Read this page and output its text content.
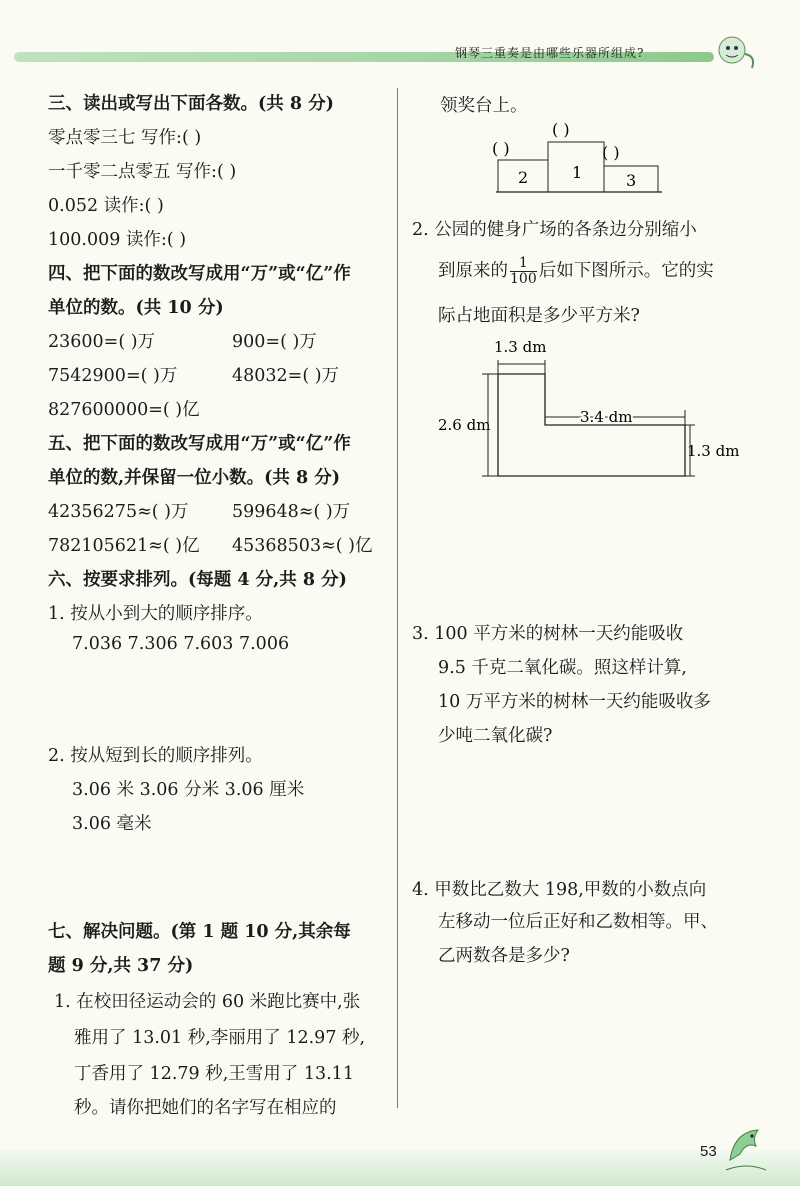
钢琴三重奏是由哪些乐器所组成?
三、读出或写出下面各数。(共 8 分)
零点零三七 写作:( )
一千零二点零五 写作:( )
0.052 读作:( )
100.009 读作:( )
四、把下面的数改写成用“万”或“亿”作
单位的数。(共 10 分)
23600=( )万	900=( )万
7542900=( )万	48032=( )万
827600000=( )亿
五、把下面的数改写成用“万”或“亿”作
单位的数,并保留一位小数。(共 8 分)
42356275≈( )万 599648≈( )万
782105621≈( )亿 45368503≈( )亿
六、按要求排列。(每题 4 分,共 8 分)
1. 按从小到大的顺序排序。
7.036 7.306 7.603 7.006
2. 按从短到长的顺序排列。
3.06 米 3.06 分米 3.06 厘米
3.06 毫米
七、解决问题。(第 1 题 10 分,其余每
题 9 分,共 37 分)
1. 在校田径运动会的 60 米跑比赛中,张
雅用了 13.01 秒,李丽用了 12.97 秒,
丁香用了 12.79 秒,王雪用了 13.11
秒。请你把她们的名字写在相应的
领奖台上。
( )
( )	( )
1
2	3
2. 公园的健身广场的各条边分别缩小
到原来的 $\frac{1}{100}$ 后如下图所示。它的实
际占地面积是多少平方米?
1.3 dm
2.6 dm	3.4 dm
1.3 dm
3. 100 平方米的树林一天约能吸收
9.5 千克二氧化碳。照这样计算,
10 万平方米的树林一天约能吸收多
少吨二氧化碳?
4. 甲数比乙数大 198,甲数的小数点向
左移动一位后正好和乙数相等。甲、
乙两数各是多少?
53
